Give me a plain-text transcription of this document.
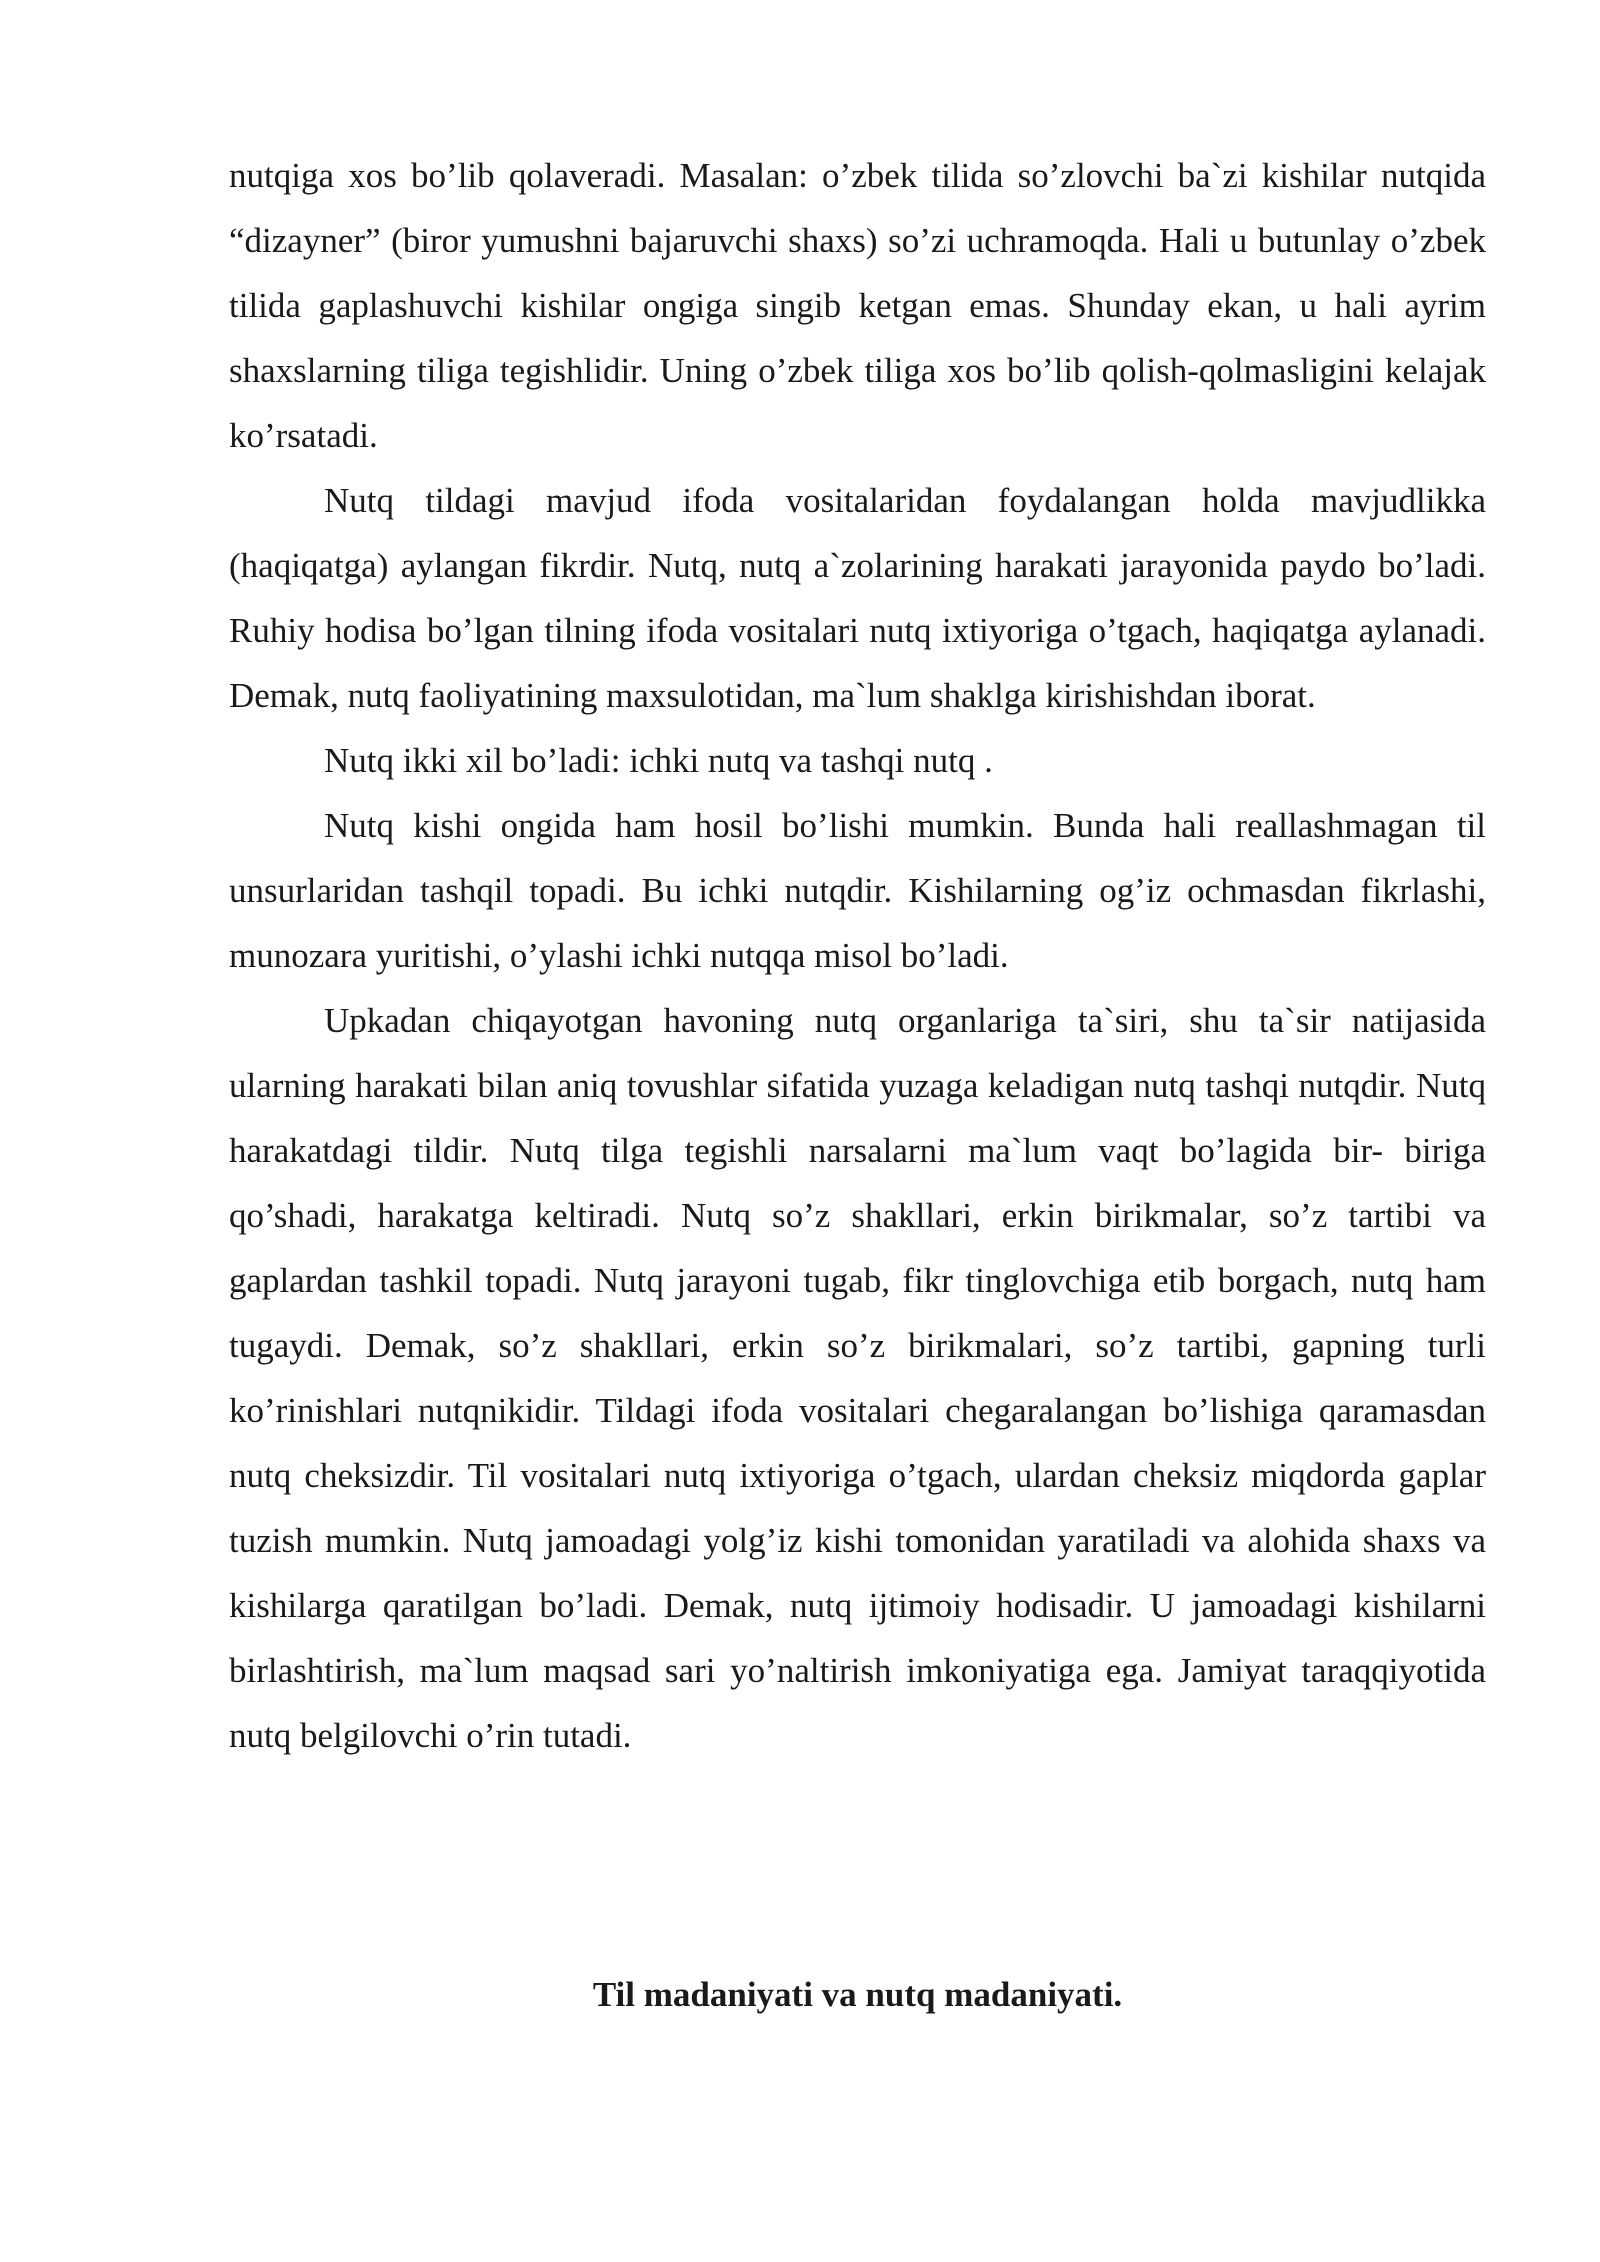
nutqiga xos bo’lib qolaveradi. Masalan: o’zbek tilida so’zlovchi ba`zi kishilar nutqida “dizayner” (biror yumushni bajaruvchi shaxs) so’zi uchramoqda. Hali u butunlay o’zbek tilida gaplashuvchi kishilar ongiga singib ketgan emas. Shunday ekan, u hali ayrim shaxslarning tiliga tegishlidir. Uning o’zbek tiliga xos bo’lib qolish-qolmasligini kelajak ko’rsatadi.

Nutq tildagi mavjud ifoda vositalaridan foydalangan holda mavjudlikka (haqiqatga) aylangan fikrdir. Nutq, nutq a`zolarining harakati jarayonida paydo bo’ladi. Ruhiy hodisa bo’lgan tilning ifoda vositalari nutq ixtiyoriga o’tgach, haqiqatga aylanadi. Demak, nutq faoliyatining maxsulotidan, ma`lum shaklga kirishishdan iborat.

Nutq ikki xil bo’ladi: ichki nutq va tashqi nutq .

Nutq kishi ongida ham hosil bo’lishi mumkin. Bunda hali reallashmagan til unsurlaridan tashqil topadi. Bu ichki nutqdir. Kishilarning og’iz ochmasdan fikrlashi, munozara yuritishi, o’ylashi ichki nutqqa misol bo’ladi.

Upkadan chiqayotgan havoning nutq organlariga ta`siri, shu ta`sir natijasida ularning harakati bilan aniq tovushlar sifatida yuzaga keladigan nutq tashqi nutqdir. Nutq harakatdagi tildir. Nutq tilga tegishli narsalarni ma`lum vaqt bo’lagida bir- biriga qo’shadi, harakatga keltiradi. Nutq so’z shakllari, erkin birikmalar, so’z tartibi va gaplardan tashkil topadi. Nutq jarayoni tugab, fikr tinglovchiga etib borgach, nutq ham tugaydi. Demak, so’z shakllari, erkin so’z birikmalari, so’z tartibi, gapning turli ko’rinishlari nutqnikidir. Tildagi ifoda vositalari chegaralangan bo’lishiga qaramasdan nutq cheksizdir. Til vositalari nutq ixtiyoriga o’tgach, ulardan cheksiz miqdorda gaplar tuzish mumkin. Nutq jamoadagi yolg’iz kishi tomonidan yaratiladi va alohida shaxs va kishilarga qaratilgan bo’ladi. Demak, nutq ijtimoiy hodisadir. U jamoadagi kishilarni birlashtirish, ma`lum maqsad sari yo’naltirish imkoniyatiga ega. Jamiyat taraqqiyotida nutq belgilovchi o’rin tutadi.

Til madaniyati va nutq madaniyati.
